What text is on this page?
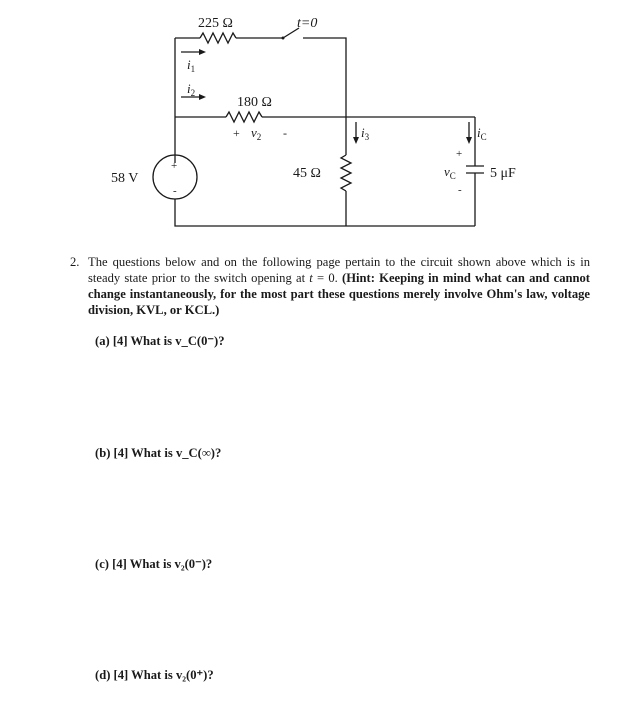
225 Ω	t=0
$i_1$
$i_2$
180 Ω
+ $v_2$ -	$i_3$	$i_C$
58 V
+
-
45 Ω
+
$v_C$
-
5 μF
2. The questions below and on the following page pertain to the circuit shown above which is in steady state prior to the switch opening at t = 0. (Hint: Keeping in mind what can and cannot change instantaneously, for the most part these questions merely involve Ohm's law, voltage division, KVL, or KCL.)
(a) [4] What is v_C(0⁻)?
(b) [4] What is v_C(∞)?
(c) [4] What is v₂(0⁻)?
(d) [4] What is v₂(0⁺)?
